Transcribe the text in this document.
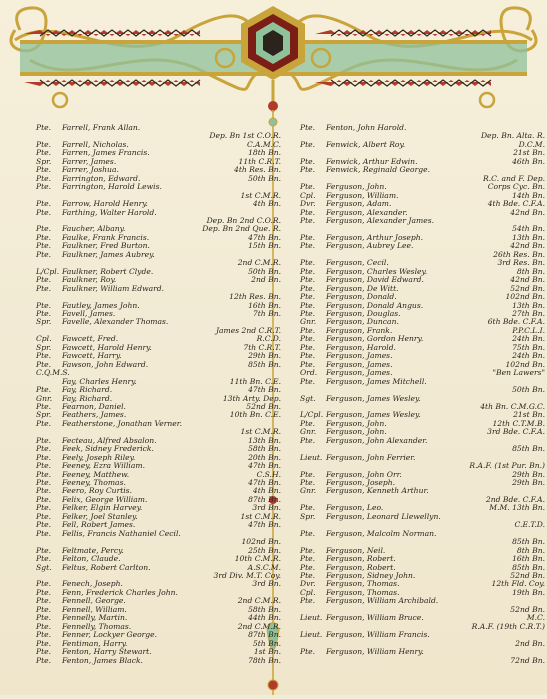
Pte. Farrell, Frank Allan.
Dep. Bn 1st C.O.R.
Pte. Farrell, Nicholas.	C.A.M.C.
Pte. Farren, James Francis.	18th Bn.
Spr. Farrer, James.	11th C.R.T.
Pte. Farrer, Joshua.	4th Res. Bn.
Pte. Farrington, Edward.	50th Bn.
Pte. Farrington, Harold Lewis.
1st C.M.R.
Pte. Farrow, Harold Henry.	4th Bn.
Pte. Farthing, Walter Harold.
Dep. Bn 2nd C.O.R.
Pte. Faucher, Albany.	Dep. Bn 2nd Que. R.
Pte. Faulke, Frank Francis.	47th Bn.
Pte. Faulkner, Fred Burton.	15th Bn.
Pte. Faulkner, James Aubrey.
2nd C.M.R.
L/Cpl. Faulkner, Robert Clyde.	50th Bn.
Pte. Faulkner, Roy.	2nd Bn.
Pte. Faulkner, William Edward.
12th Res. Bn.
Pte. Fautley, James John.	16th Bn.
Pte. Favell, James.	7th Bn.
Spr. Favelle, Alexander Thomas.
James 2nd C.R.T.
Cpl. Fawcett, Fred.	R.C.D.
Spr. Fawcett, Harold Henry.	7th C.R.T.
Pte. Fawcett, Harry.	29th Bn.
Pte. Fawson, John Edward.	85th Bn.
C.Q.M.S.
Fay, Charles Henry.	11th Bn. C.E.
Pte. Fay, Richard.	47th Bn.
Gnr. Fay, Richard.	13th Arty. Dep.
Pte. Fearnon, Daniel.	52nd Bn.
Spr. Feathers, James.	10th Bn. C.E.
Pte. Featherstone, Jonathan Verner.
1st C.M.R.
Pte. Fecteau, Alfred Absalon.	13th Bn.
Pte. Feek, Sidney Frederick.	58th Bn.
Pte. Feely, Joseph Riley.	20th Bn.
Pte. Feeney, Ezra William.	47th Bn.
Pte. Feeney, Matthew.	C.S.H.
Pte. Feeney, Thomas.	47th Bn.
Pte. Feero, Roy Curtis.	4th Bn.
Pte. Felix, George William.	87th Bn.
Pte. Felker, Elgin Harvey.	3rd Bn.
Pte. Felker, Joel Stanley.	1st C.M.R.
Pte. Fell, Robert James.	47th Bn.
Pte. Fellis, Francis Nathaniel Cecil.
102nd Bn.
Pte. Feltmate, Percy.	25th Bn.
Pte. Felton, Claude.	10th C.M.R.
Sgt. Feltus, Robert Carlton.	A.S.C.M.
3rd Div. M.T. Coy.
Pte. Fenech, Joseph.	3rd Bn.
Pte. Fenn, Frederick Charles John.
Pte. Fennell, George.	2nd C.M.R.
Pte. Fennell, William.	58th Bn.
Pte. Fennelly, Martin.	44th Bn.
Pte. Fennelly, Thomas.	2nd C.M.R.
Pte. Fenner, Lockyer George.	87th Bn.
Pte. Fentiman, Harry.	5th Bn.
Pte. Fenton, Harry Stewart.	1st Bn.
Pte. Fenton, James Black.	78th Bn.
Pte. Fenton, John Harold.
Dep. Bn. Alta. R.
Pte. Fenwick, Albert Roy.	D.C.M.
21st Bn.
Pte. Fenwick, Arthur Edwin.	46th Bn.
Pte. Fenwick, Reginald George.
R.C. and F. Dep.
Pte. Ferguson, John.	Corps Cyc. Bn.
Cpl. Ferguson, William.	14th Bn.
Dvr. Ferguson, Adam.	4th Bde. C.F.A.
Pte. Ferguson, Alexander.	42nd Bn.
Pte. Ferguson, Alexander James.
54th Bn.
Pte. Ferguson, Arthur Joseph.	13th Bn.
Pte. Ferguson, Aubrey Lee.	42nd Bn.
26th Res. Bn.
Pte. Ferguson, Cecil.	3rd Res. Bn.
Pte. Ferguson, Charles Wesley.	8th Bn.
Pte. Ferguson, David Edward.	42nd Bn.
Pte. Ferguson, De Witt.	52nd Bn.
Pte. Ferguson, Donald.	102nd Bn.
Pte. Ferguson, Donald Angus.	13th Bn.
Pte. Ferguson, Douglas.	27th Bn.
Gnr. Ferguson, Duncan.	6th Bde. C.F.A.
Pte. Ferguson, Frank.	P.P.C.L.I.
Pte. Ferguson, Gordon Henry.	24th Bn.
Pte. Ferguson, Harold.	75th Bn.
Pte. Ferguson, James.	24th Bn.
Pte. Ferguson, James.	102nd Bn.
Ord. Ferguson, James.	"Ben Lawers"
Pte. Ferguson, James Mitchell.
50th Bn.
Sgt. Ferguson, James Wesley.
4th Bn. C.M.G.C.
L/Cpl. Ferguson, James Wesley.	21st Bn.
Pte. Ferguson, John.	12th C.T.M.B.
Gnr. Ferguson, John.	3rd Bde. C.F.A.
Pte. Ferguson, John Alexander.
85th Bn.
Lieut. Ferguson, John Ferrier.
R.A.F. (1st Pur. Bn.)
Pte. Ferguson, John Orr.	29th Bn.
Pte. Ferguson, Joseph.	29th Bn.
Gnr. Ferguson, Kenneth Arthur.
2nd Bde. C.F.A.
Pte. Ferguson, Leo.	M.M. 13th Bn.
Spr. Ferguson, Leonard Llewellyn.
C.E.T.D.
Pte. Ferguson, Malcolm Norman.
85th Bn.
Pte. Ferguson, Neil.	8th Bn.
Pte. Ferguson, Robert.	16th Bn.
Pte. Ferguson, Robert.	85th Bn.
Pte. Ferguson, Sidney John.	52nd Bn.
Dvr. Ferguson, Thomas.	12th Fld. Coy.
Cpl. Ferguson, Thomas.	19th Bn.
Pte. Ferguson, William Archibald.
52nd Bn.
Lieut. Ferguson, William Bruce.	M.C.
R.A.F. (19th C.R.T.)
Lieut. Ferguson, William Francis.
2nd Bn.
Pte. Ferguson, William Henry.
72nd Bn.
